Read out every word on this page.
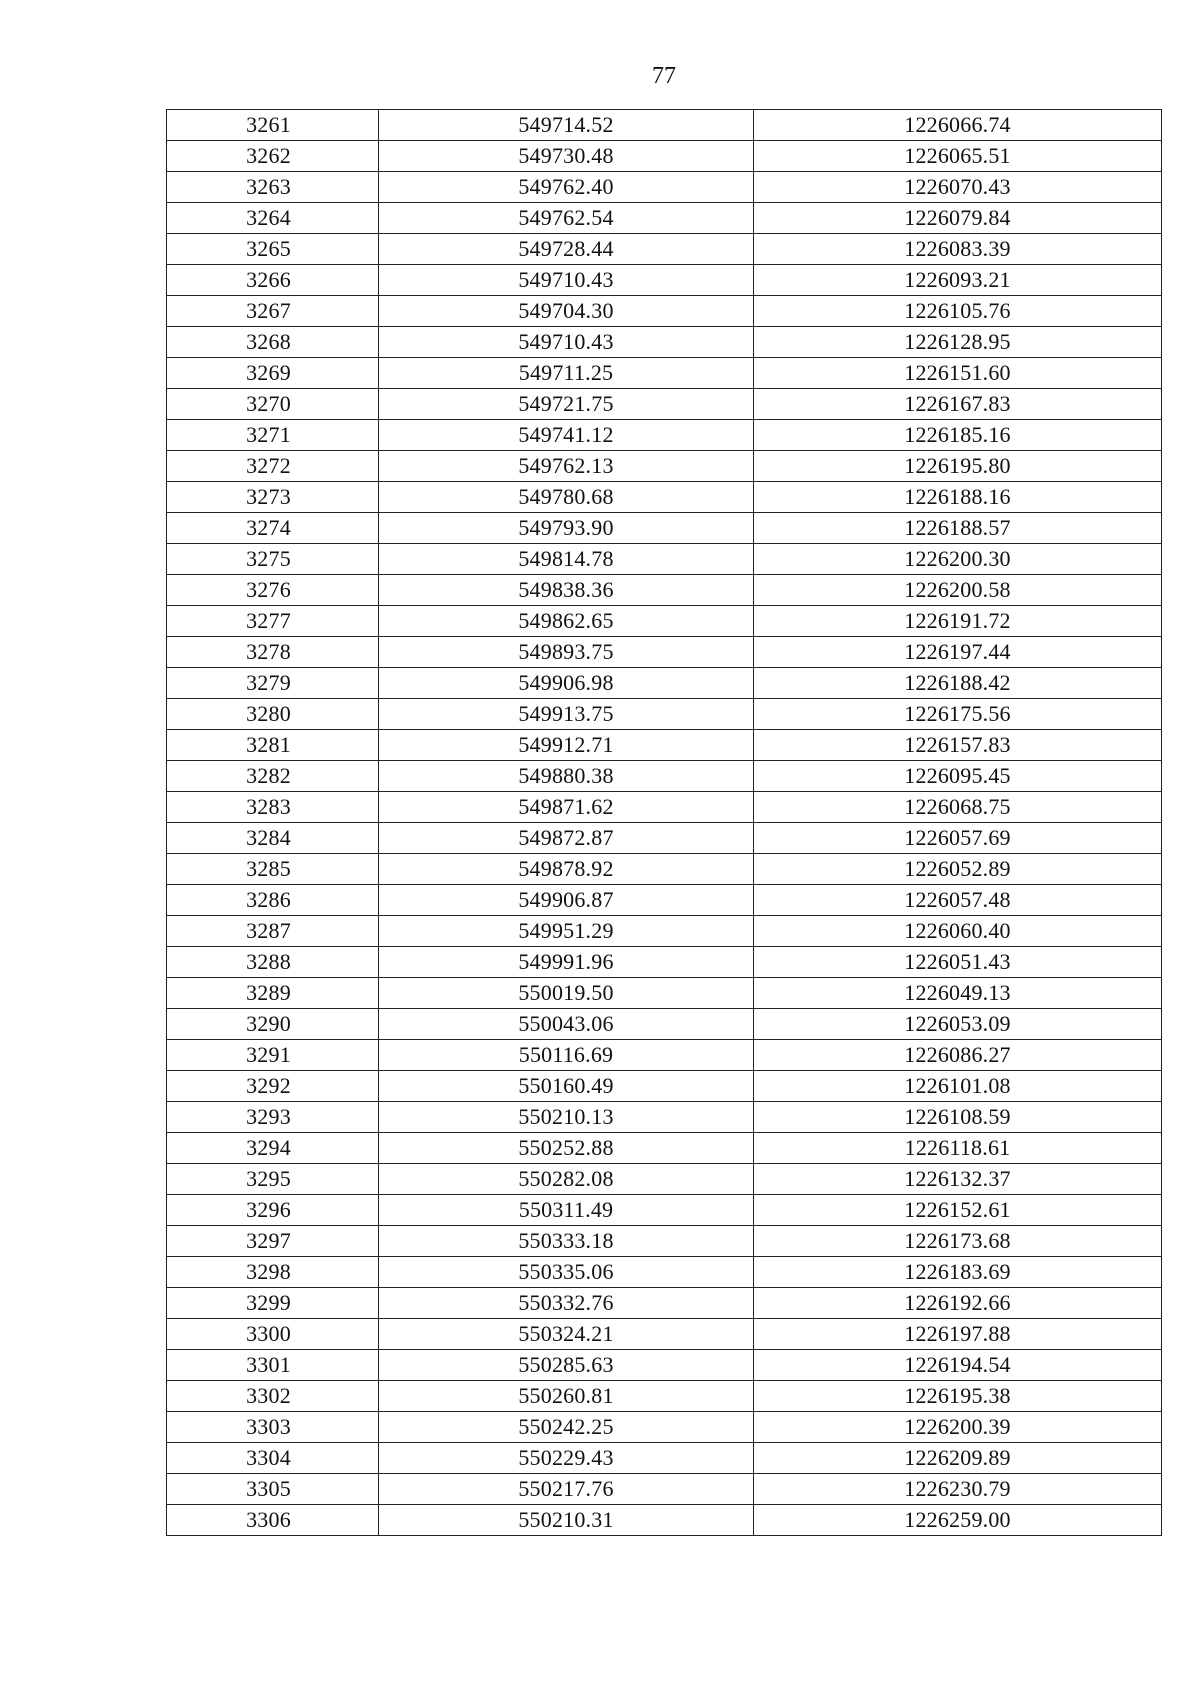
77
3261	549714.52	1226066.74
3262	549730.48	1226065.51
3263	549762.40	1226070.43
3264	549762.54	1226079.84
3265	549728.44	1226083.39
3266	549710.43	1226093.21
3267	549704.30	1226105.76
3268	549710.43	1226128.95
3269	549711.25	1226151.60
3270	549721.75	1226167.83
3271	549741.12	1226185.16
3272	549762.13	1226195.80
3273	549780.68	1226188.16
3274	549793.90	1226188.57
3275	549814.78	1226200.30
3276	549838.36	1226200.58
3277	549862.65	1226191.72
3278	549893.75	1226197.44
3279	549906.98	1226188.42
3280	549913.75	1226175.56
3281	549912.71	1226157.83
3282	549880.38	1226095.45
3283	549871.62	1226068.75
3284	549872.87	1226057.69
3285	549878.92	1226052.89
3286	549906.87	1226057.48
3287	549951.29	1226060.40
3288	549991.96	1226051.43
3289	550019.50	1226049.13
3290	550043.06	1226053.09
3291	550116.69	1226086.27
3292	550160.49	1226101.08
3293	550210.13	1226108.59
3294	550252.88	1226118.61
3295	550282.08	1226132.37
3296	550311.49	1226152.61
3297	550333.18	1226173.68
3298	550335.06	1226183.69
3299	550332.76	1226192.66
3300	550324.21	1226197.88
3301	550285.63	1226194.54
3302	550260.81	1226195.38
3303	550242.25	1226200.39
3304	550229.43	1226209.89
3305	550217.76	1226230.79
3306	550210.31	1226259.00
